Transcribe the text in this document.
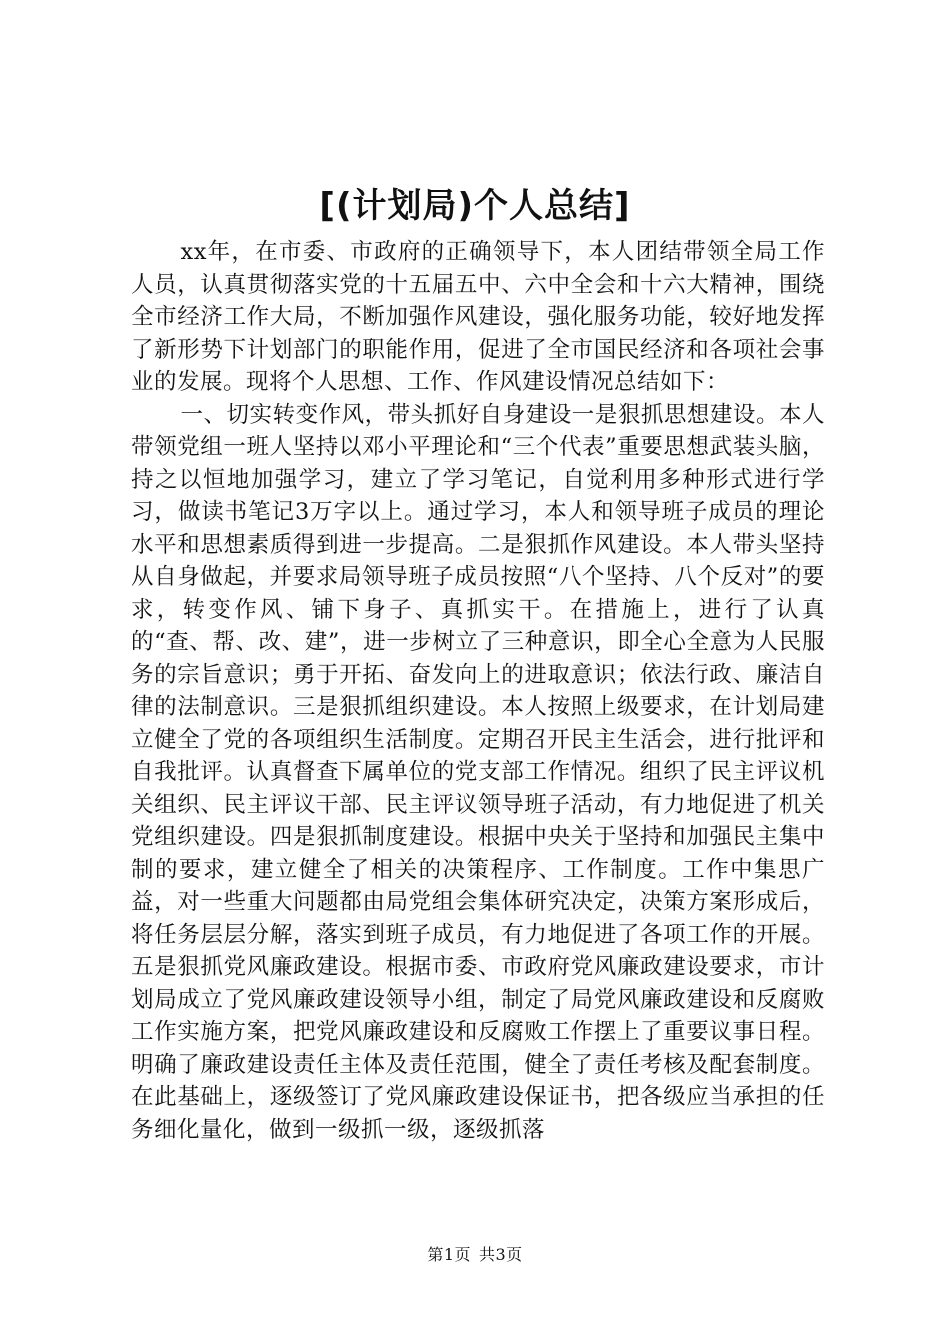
[(计划局)个人总结]

xx年，在市委、市政府的正确领导下，本人团结带领全局工作人员，认真贯彻落实党的十五届五中、六中全会和十六大精神，围绕全市经济工作大局，不断加强作风建设，强化服务功能，较好地发挥了新形势下计划部门的职能作用，促进了全市国民经济和各项社会事业的发展。现将个人思想、工作、作风建设情况总结如下：

一、切实转变作风，带头抓好自身建设一是狠抓思想建设。本人带领党组一班人坚持以邓小平理论和“三个代表”重要思想武装头脑，持之以恒地加强学习，建立了学习笔记，自觉利用多种形式进行学习，做读书笔记3万字以上。通过学习，本人和领导班子成员的理论水平和思想素质得到进一步提高。二是狠抓作风建设。本人带头坚持从自身做起，并要求局领导班子成员按照“八个坚持、八个反对”的要求，转变作风、铺下身子、真抓实干。在措施上，进行了认真的“查、帮、改、建”，进一步树立了三种意识，即全心全意为人民服务的宗旨意识；勇于开拓、奋发向上的进取意识；依法行政、廉洁自律的法制意识。三是狠抓组织建设。本人按照上级要求，在计划局建立健全了党的各项组织生活制度。定期召开民主生活会，进行批评和自我批评。认真督查下属单位的党支部工作情况。组织了民主评议机关组织、民主评议干部、民主评议领导班子活动，有力地促进了机关党组织建设。四是狠抓制度建设。根据中央关于坚持和加强民主集中制的要求，建立健全了相关的决策程序、工作制度。工作中集思广益，对一些重大问题都由局党组会集体研究决定，决策方案形成后，将任务层层分解，落实到班子成员，有力地促进了各项工作的开展。五是狠抓党风廉政建设。根据市委、市政府党风廉政建设要求，市计划局成立了党风廉政建设领导小组，制定了局党风廉政建设和反腐败工作实施方案，把党风廉政建设和反腐败工作摆上了重要议事日程。明确了廉政建设责任主体及责任范围，健全了责任考核及配套制度。在此基础上，逐级签订了党风廉政建设保证书，把各级应当承担的任务细化量化，做到一级抓一级，逐级抓落

第1页 共3页
